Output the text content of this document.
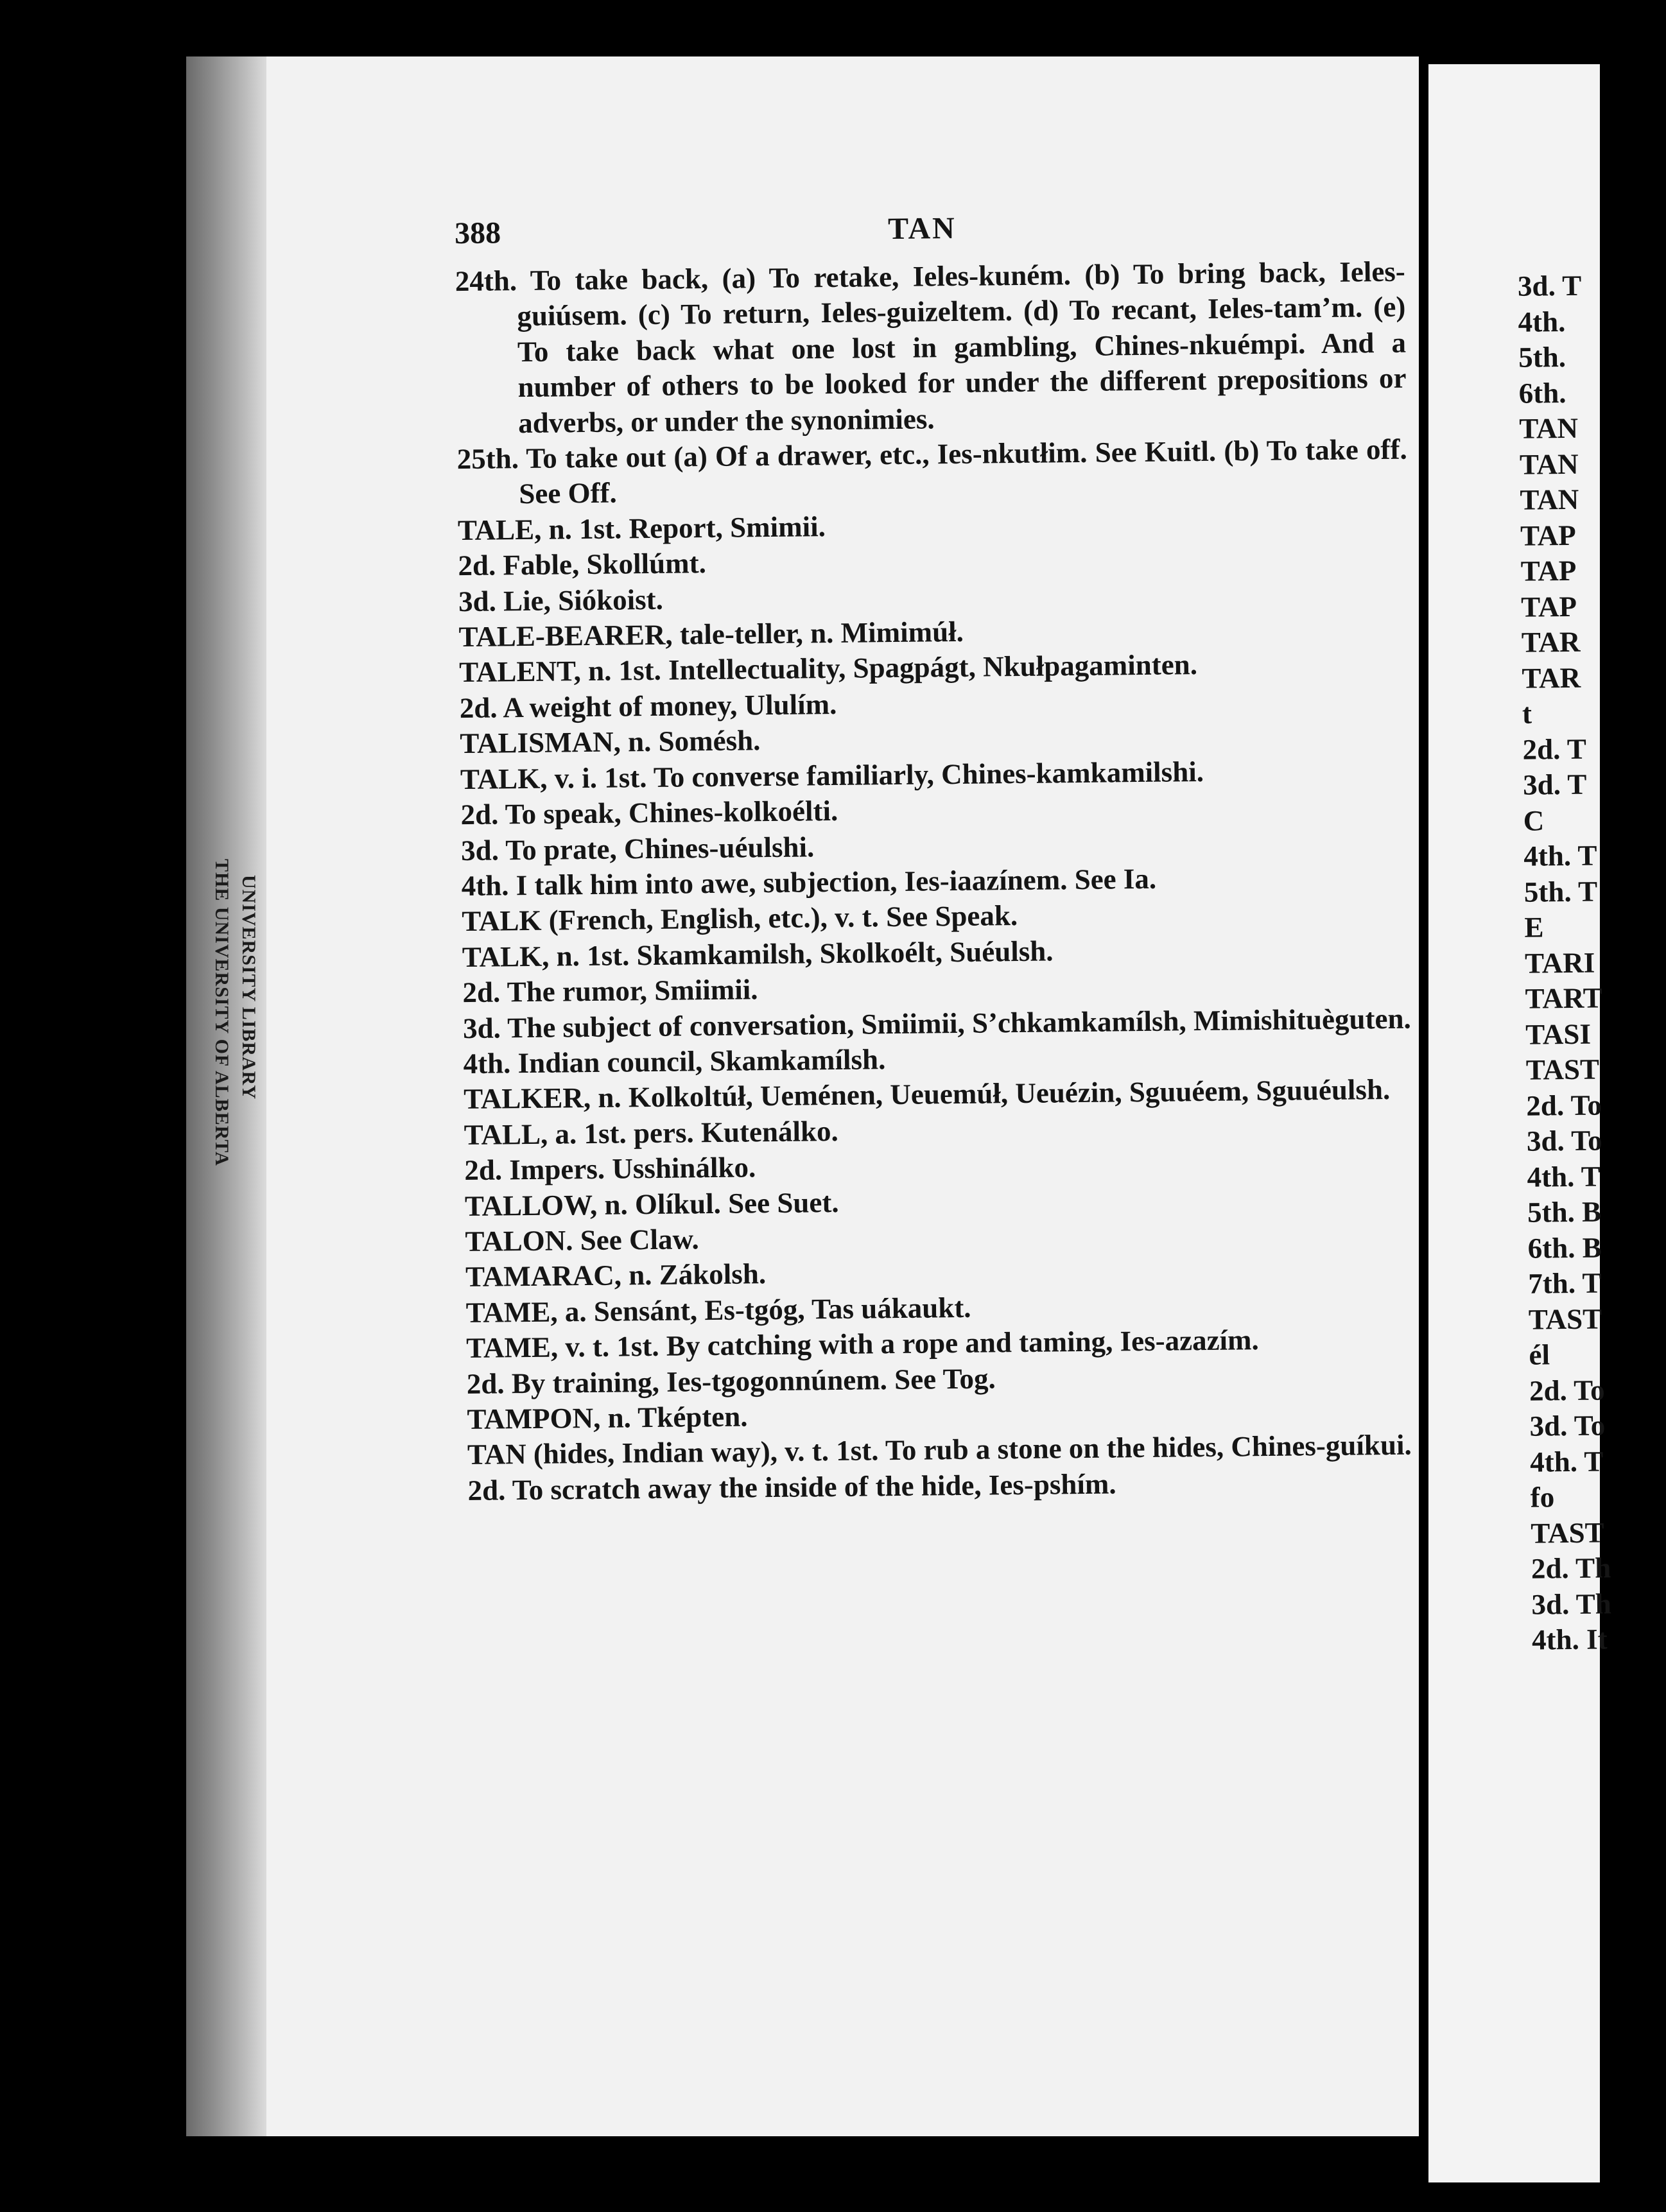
UNIVERSITY LIBRARY
THE UNIVERSITY OF ALBERTA
388	TAN
24th. To take back, (a) To retake, Ielеs-kuném. (b) To bring back, Ielеs-guiúsem. (c) To return, Ielеs-guizeltem. (d) To recant, Ielеs-tam’m. (e) To take back what one lost in gambling, Chines-nkuémpi. And a number of others to be looked for under the different prepositions or adverbs, or under the synonimies.
25th. To take out (a) Of a drawer, etc., Ies-nkutłim. See Kuitl. (b) To take off. See Off.
TALE, n. 1st. Report, Smimii.
2d. Fable, Skollúmt.
3d. Lie, Siókoist.
TALE-BEARER, tale-teller, n. Mimimúł.
TALENT, n. 1st. Intellectuality, Spagpágt, Nkułpagaminten.
2d. A weight of money, Ululím.
TALISMAN, n. Somésh.
TALK, v. i. 1st. To converse familiarly, Chines-kamkamilshi.
2d. To speak, Chines-kolkoélti.
3d. To prate, Chines-uéulshi.
4th. I talk him into awe, subjection, Ies-iaazínem. See Ia.
TALK (French, English, etc.), v. t. See Speak.
TALK, n. 1st. Skamkamilsh, Skolkoélt, Suéulsh.
2d. The rumor, Smiimii.
3d. The subject of conversation, Smiimii, S’chkamkamílsh, Mimishituèguten.
4th. Indian council, Skamkamílsh.
TALKER, n. Kolkoltúł, Ueménen, Ueuemúł, Ueuézin, Sguuéem, Sguuéulsh.
TALL, a. 1st. pers. Kutenálko.
2d. Impers. Usshinálko.
TALLOW, n. Olíkul. See Suet.
TALON. See Claw.
TAMARAC, n. Zákolsh.
TAME, a. Sensánt, Es-tgóg, Tas uákaukt.
TAME, v. t. 1st. By catching with a rope and taming, Ies-azazím.
2d. By training, Ies-tgogonnúnem. See Tog.
TAMPON, n. Tképten.
TAN (hides, Indian way), v. t. 1st. To rub a stone on the hides, Chines-guíkui.
2d. To scratch away the inside of the hide, Ies-pshím.
3d. T
4th.
5th.
6th.
TAN
TAN
TAN
TAP
TAP
TAP
TAR
TAR
t
2d. T
3d. T
C
4th. T
5th. T
E
TARI
TART
TASI
TAST
2d. To
3d. To
4th. T
5th. B
6th. B
7th. T
TAST
él
2d. To
3d. To
4th. T
fo
TAST
2d. Th
3d. Th
4th. It
